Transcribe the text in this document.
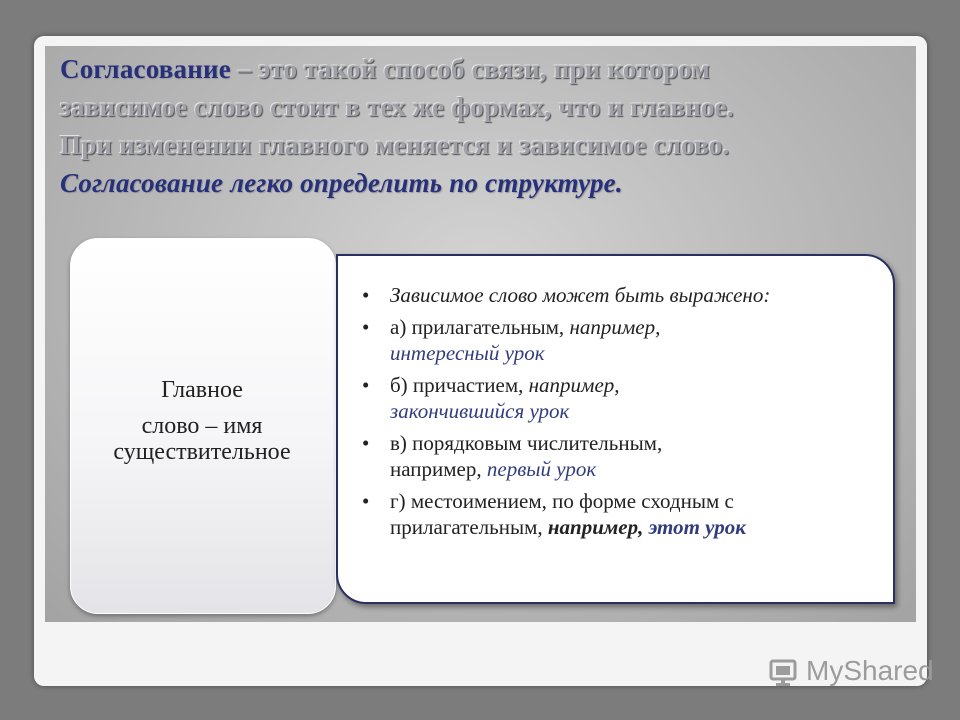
Согласование – это такой способ связи, при котором
зависимое слово стоит в тех же формах, что и главное.
При изменении главного меняется и зависимое слово.
Согласование легко определить по структуре.
Главное
слово – имя
существительное
• Зависимое слово может быть выражено:
• а) прилагательным, например,
интересный урок
• б) причастием, например,
закончившийся урок
• в) порядковым числительным,
например, первый урок
• г) местоимением, по форме сходным с прилагательным, например, этот урок
MyShared
